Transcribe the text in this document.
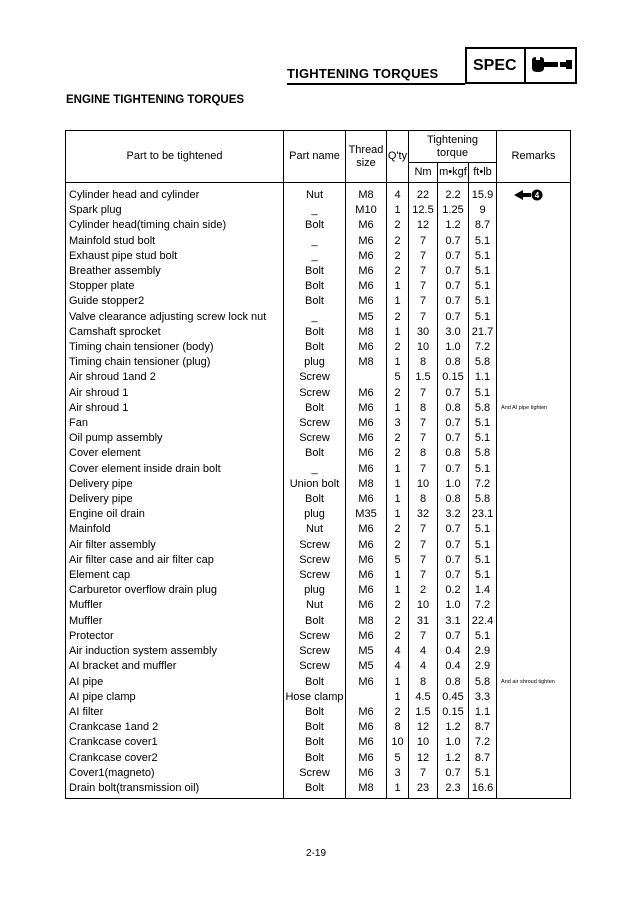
TIGHTENING TORQUES SPEC
ENGINE TIGHTENING TORQUES
Part to be tightened	Part name	Thread size	Q'ty	Tightening torque			Remarks
				Nm	m•kgf	ft•lb	
Cylinder head and cylinder	Nut	M8	4	22	2.2	15.9	4

Spark plug	_	M10	1	12.5	1.25	9	
Cylinder head(timing chain side)	Bolt	M6	2	12	1.2	8.7	
Mainfold stud bolt	_	M6	2	7	0.7	5.1	
Exhaust pipe stud bolt	_	M6	2	7	0.7	5.1	
Breather assembly	Bolt	M6	2	7	0.7	5.1	
Stopper plate	Bolt	M6	1	7	0.7	5.1	
Guide stopper2	Bolt	M6	1	7	0.7	5.1	
Valve clearance adjusting screw lock nut	_	M5	2	7	0.7	5.1	
Camshaft sprocket	Bolt	M8	1	30	3.0	21.7	
Timing chain tensioner (body)	Bolt	M6	2	10	1.0	7.2	
Timing chain tensioner (plug)	plug	M8	1	8	0.8	5.8	
Air shroud 1and 2	Screw		5	1.5	0.15	1.1	
Air shroud 1	Screw	M6	2	7	0.7	5.1	
Air shroud 1	Bolt	M6	1	8	0.8	5.8	And AI pipe tighten
Fan	Screw	M6	3	7	0.7	5.1	
Oil pump assembly	Screw	M6	2	7	0.7	5.1	
Cover element	Bolt	M6	2	8	0.8	5.8	
Cover element inside drain bolt	_	M6	1	7	0.7	5.1	
Delivery pipe	Union bolt	M8	1	10	1.0	7.2	
Delivery pipe	Bolt	M6	1	8	0.8	5.8	
Engine oil drain	plug	M35	1	32	3.2	23.1	
Mainfold	Nut	M6	2	7	0.7	5.1	
Air filter assembly	Screw	M6	2	7	0.7	5.1	
Air filter case and air filter cap	Screw	M6	5	7	0.7	5.1	
Element cap	Screw	M6	1	7	0.7	5.1	
Carburetor overflow drain plug	plug	M6	1	2	0.2	1.4	
Muffler	Nut	M6	2	10	1.0	7.2	
Muffler	Bolt	M8	2	31	3.1	22.4	
Protector	Screw	M6	2	7	0.7	5.1	
Air induction system assembly	Screw	M5	4	4	0.4	2.9	
AI bracket and muffler	Screw	M5	4	4	0.4	2.9	
AI pipe	Bolt	M6	1	8	0.8	5.8	And air shroud tighten
AI pipe clamp	Hose clamp		1	4.5	0.45	3.3	
AI filter	Bolt	M6	2	1.5	0.15	1.1	
Crankcase 1and 2	Bolt	M6	8	12	1.2	8.7	
Crankcase cover1	Bolt	M6	10	10	1.0	7.2	
Crankcase cover2	Bolt	M6	5	12	1.2	8.7	
Cover1(magneto)	Screw	M6	3	7	0.7	5.1	
Drain bolt(transmission oil)	Bolt	M8	1	23	2.3	16.6	
2-19
